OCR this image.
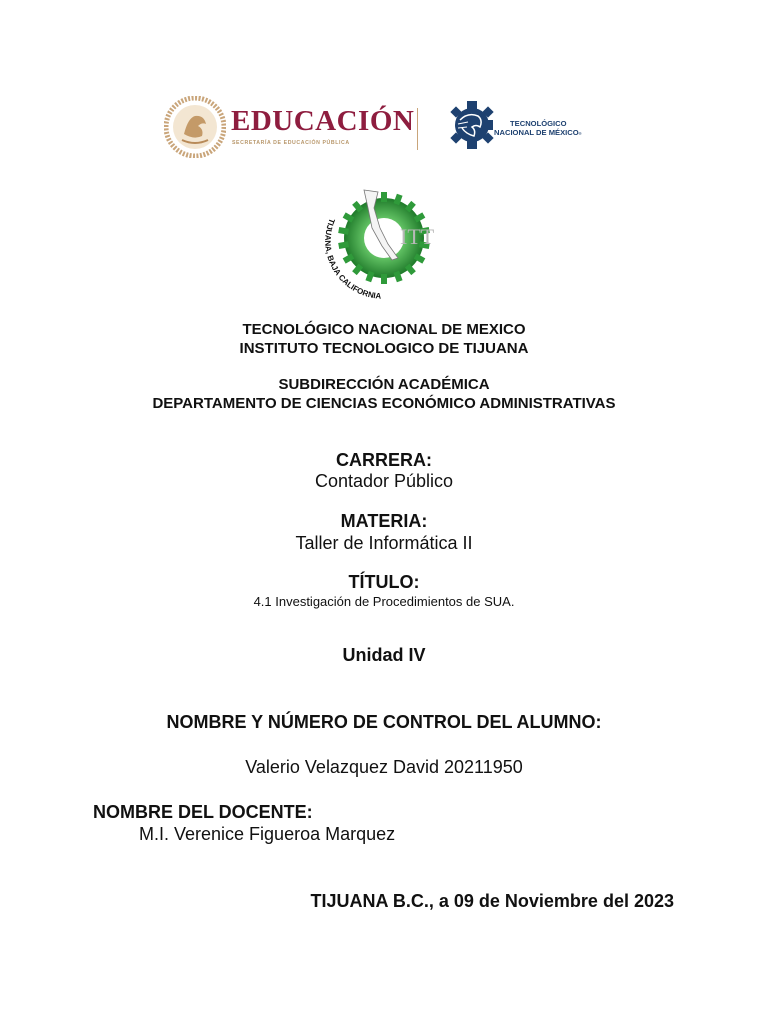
EDUCACIÓN
SECRETARÍA DE EDUCACIÓN PÚBLICA
TECNOLÓGICO
NACIONAL DE MÉXICO®
ITT
TIJUANA, BAJA CALIFORNIA
TECNOLÓGICO NACIONAL DE MEXICO
INSTITUTO TECNOLOGICO DE TIJUANA
SUBDIRECCIÓN ACADÉMICA
DEPARTAMENTO DE CIENCIAS ECONÓMICO ADMINISTRATIVAS
CARRERA:
Contador Público
MATERIA:
Taller de Informática II
TÍTULO:
4.1 Investigación de Procedimientos de SUA.
Unidad IV
NOMBRE Y NÚMERO DE CONTROL DEL ALUMNO:
Valerio Velazquez David 20211950
NOMBRE DEL DOCENTE:
M.I. Verenice Figueroa Marquez
TIJUANA B.C., a 09 de Noviembre del 2023
